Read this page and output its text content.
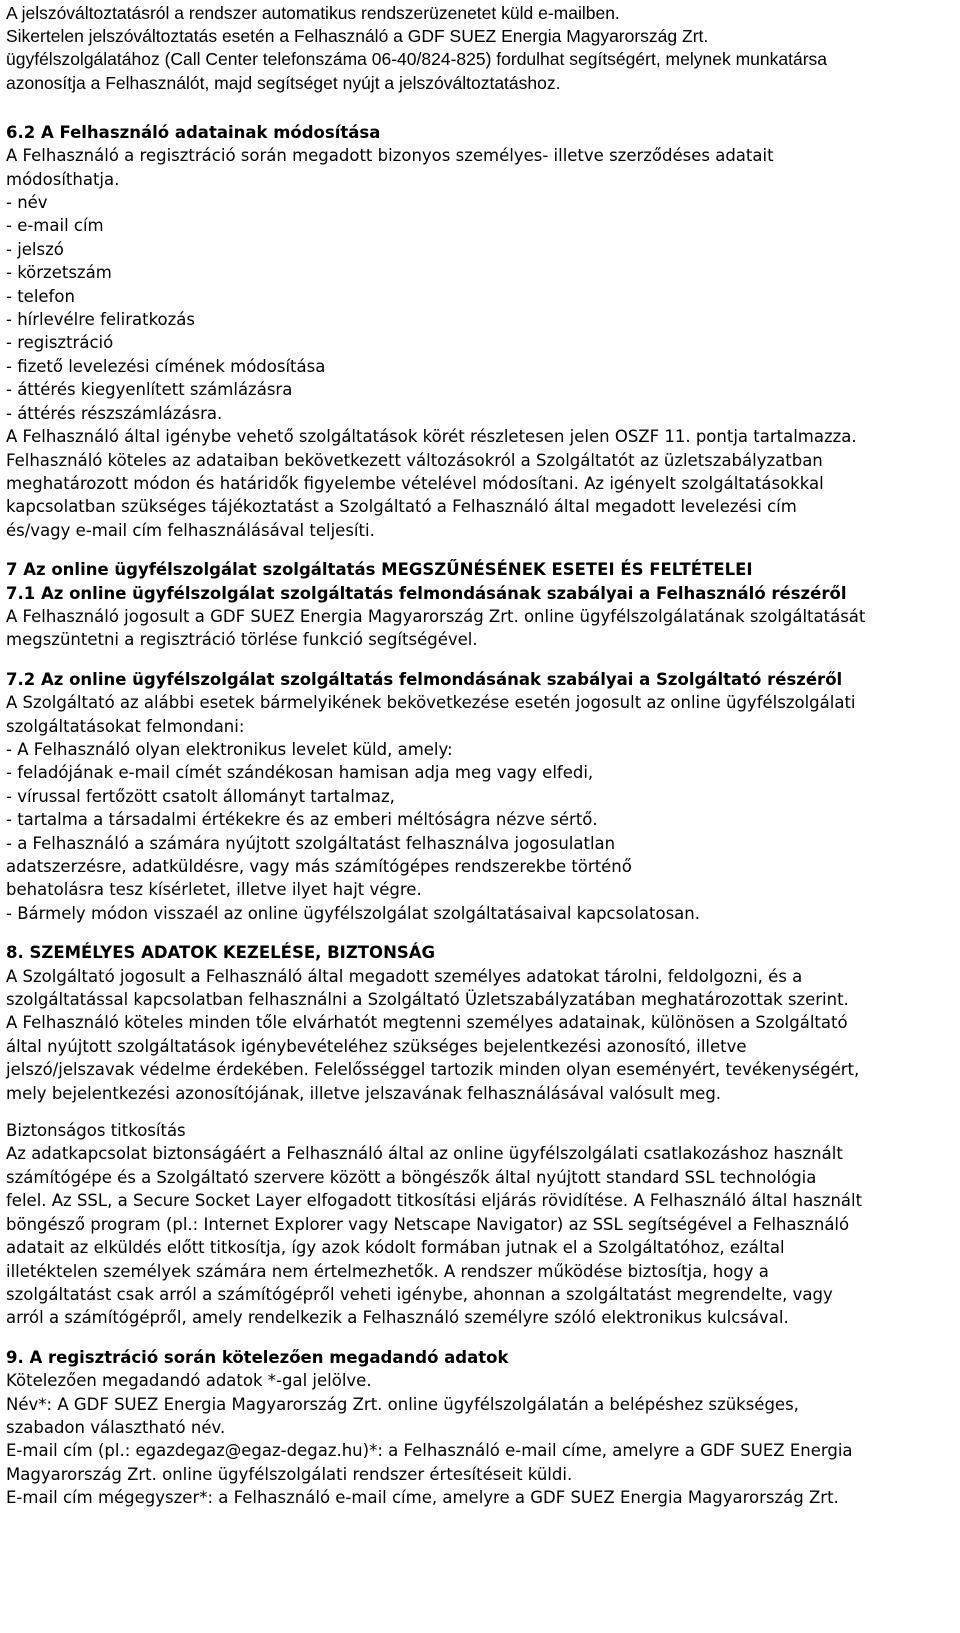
A jelszóváltoztatásról a rendszer automatikus rendszerüzenetet küld e-mailben.
Sikertelen jelszóváltoztatás esetén a Felhasználó a GDF SUEZ Energia Magyarország Zrt.
ügyfélszolgálatához (Call Center telefonszáma 06-40/824-825) fordulhat segítségért, melynek munkatársa
azonosítja a Felhasználót, majd segítséget nyújt a jelszóváltoztatáshoz.
6.2 A Felhasználó adatainak módosítása
A Felhasználó a regisztráció során megadott bizonyos személyes- illetve szerződéses adatait
módosíthatja.
- név
- e-mail cím
- jelszó
- körzetszám
- telefon
- hírlevélre feliratkozás
- regisztráció
- fizető levelezési címének módosítása
- áttérés kiegyenlített számlázásra
- áttérés részszámlázásra.
A Felhasználó által igénybe vehető szolgáltatások körét részletesen jelen OSZF 11. pontja tartalmazza.
Felhasználó köteles az adataiban bekövetkezett változásokról a Szolgáltatót az üzletszabályzatban
meghatározott módon és határidők figyelembe vételével módosítani. Az igényelt szolgáltatásokkal
kapcsolatban szükséges tájékoztatást a Szolgáltató a Felhasználó által megadott levelezési cím
és/vagy e-mail cím felhasználásával teljesíti.
7 Az online ügyfélszolgálat szolgáltatás MEGSZŰNÉSÉNEK ESETEI ÉS FELTÉTELEI
7.1 Az online ügyfélszolgálat szolgáltatás felmondásának szabályai a Felhasználó részéről
A Felhasználó jogosult a GDF SUEZ Energia Magyarország Zrt. online ügyfélszolgálatának szolgáltatását
megszüntetni a regisztráció törlése funkció segítségével.
7.2 Az online ügyfélszolgálat szolgáltatás felmondásának szabályai a Szolgáltató részéről
A Szolgáltató az alábbi esetek bármelyikének bekövetkezése esetén jogosult az online ügyfélszolgálati
szolgáltatásokat felmondani:
- A Felhasználó olyan elektronikus levelet küld, amely:
- feladójának e-mail címét szándékosan hamisan adja meg vagy elfedi,
- vírussal fertőzött csatolt állományt tartalmaz,
- tartalma a társadalmi értékekre és az emberi méltóságra nézve sértő.
- a Felhasználó a számára nyújtott szolgáltatást felhasználva jogosulatlan
adatszerzésre, adatküldésre, vagy más számítógépes rendszerekbe történő
behatolásra tesz kísérletet, illetve ilyet hajt végre.
- Bármely módon visszaél az online ügyfélszolgálat szolgáltatásaival kapcsolatosan.
8. SZEMÉLYES ADATOK KEZELÉSE, BIZTONSÁG
A Szolgáltató jogosult a Felhasználó által megadott személyes adatokat tárolni, feldolgozni, és a
szolgáltatással kapcsolatban felhasználni a Szolgáltató Üzletszabályzatában meghatározottak szerint.
A Felhasználó köteles minden tőle elvárhatót megtenni személyes adatainak, különösen a Szolgáltató
által nyújtott szolgáltatások igénybevételéhez szükséges bejelentkezési azonosító, illetve
jelszó/jelszavak védelme érdekében. Felelősséggel tartozik minden olyan eseményért, tevékenységért,
mely bejelentkezési azonosítójának, illetve jelszavának felhasználásával valósult meg.
Biztonságos titkosítás
Az adatkapcsolat biztonságáért a Felhasználó által az online ügyfélszolgálati csatlakozáshoz használt
számítógépe és a Szolgáltató szervere között a böngészők által nyújtott standard SSL technológia
felel. Az SSL, a Secure Socket Layer elfogadott titkosítási eljárás rövidítése. A Felhasználó által használt
böngésző program (pl.: Internet Explorer vagy Netscape Navigator) az SSL segítségével a Felhasználó
adatait az elküldés előtt titkosítja, így azok kódolt formában jutnak el a Szolgáltatóhoz, ezáltal
illetéktelen személyek számára nem értelmezhetők. A rendszer működése biztosítja, hogy a
szolgáltatást csak arról a számítógépről veheti igénybe, ahonnan a szolgáltatást megrendelte, vagy
arról a számítógépről, amely rendelkezik a Felhasználó személyre szóló elektronikus kulcsával.
9. A regisztráció során kötelezően megadandó adatok
Kötelezően megadandó adatok *-gal jelölve.
Név*: A GDF SUEZ Energia Magyarország Zrt. online ügyfélszolgálatán a belépéshez szükséges,
szabadon választható név.
E-mail cím (pl.: egazdegaz@egaz-degaz.hu)*: a Felhasználó e-mail címe, amelyre a GDF SUEZ Energia
Magyarország Zrt. online ügyfélszolgálati rendszer értesítéseit küldi.
E-mail cím mégegyszer*: a Felhasználó e-mail címe, amelyre a GDF SUEZ Energia Magyarország Zrt.
